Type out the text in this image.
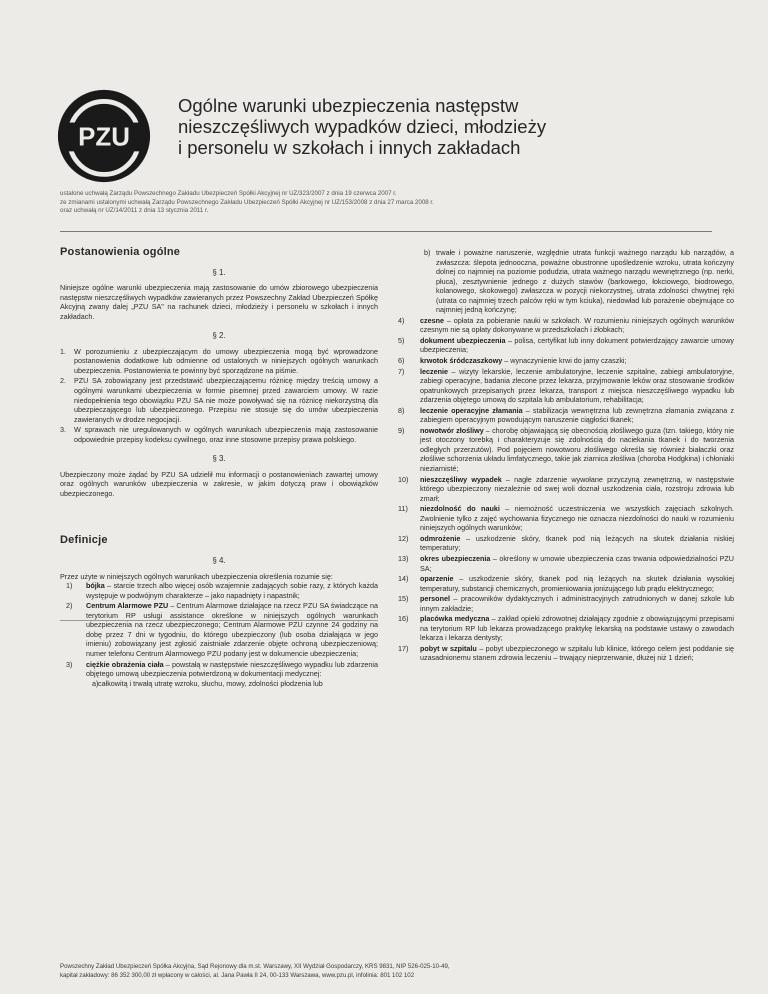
PZU
Ogólne warunki ubezpieczenia następstw
nieszczęśliwych wypadków dzieci, młodzieży
i personelu w szkołach i innych zakładach
ustalone uchwałą Zarządu Powszechnego Zakładu Ubezpieczeń Spółki Akcyjnej nr UZ/323/2007 z dnia 19 czerwca 2007 r.
ze zmianami ustalonymi uchwałą Zarządu Powszechnego Zakładu Ubezpieczeń Spółki Akcyjnej nr UZ/153/2008 z dnia 27 marca 2008 r.
oraz uchwałą nr UZ/14/2011 z dnia 13 stycznia 2011 r.

Postanowienia ogólne

§ 1.

Niniejsze ogólne warunki ubezpieczenia mają zastosowanie do umów zbiorowego ubezpieczenia następstw nieszczęśliwych wypadków zawieranych przez Powszechny Zakład Ubezpieczeń Spółkę Akcyjną zwany dalej „PZU SA" na rachunek dzieci, młodzieży i personelu w szkołach i innych zakładach.

§ 2.

1. W porozumieniu z ubezpieczającym do umowy ubezpieczenia mogą być wprowadzone postanowienia dodatkowe lub odmienne od ustalonych w niniejszych ogólnych warunkach ubezpieczenia. Postanowienia te powinny być sporządzone na piśmie.
2. PZU SA zobowiązany jest przedstawić ubezpieczającemu różnicę między treścią umowy a ogólnymi warunkami ubezpieczenia w formie pisemnej przed zawarciem umowy. W razie niedopełnienia tego obowiązku PZU SA nie może powoływać się na różnicę niekorzystną dla ubezpieczającego lub ubezpieczonego. Przepisu nie stosuje się do umów ubezpieczenia zawieranych w drodze negocjacji.
3. W sprawach nie uregulowanych w ogólnych warunkach ubezpieczenia mają zastosowanie odpowiednie przepisy kodeksu cywilnego, oraz inne stosowne przepisy prawa polskiego.

§ 3.

Ubezpieczony może żądać by PZU SA udzielił mu informacji o postanowieniach zawartej umowy oraz ogólnych warunków ubezpieczenia w zakresie, w jakim dotyczą praw i obowiązków ubezpieczonego.

Definicje

§ 4.

Przez użyte w niniejszych ogólnych warunkach ubezpieczenia określenia rozumie się:

1) bójka – starcie trzech albo więcej osób wzajemnie zadających sobie razy, z których każda występuje w podwójnym charakterze – jako napadnięty i napastnik;
2) Centrum Alarmowe PZU – Centrum Alarmowe działające na rzecz PZU SA świadczące na terytorium RP usługi assistance określone w niniejszych ogólnych warunkach ubezpieczenia na rzecz ubezpieczonego; Centrum Alarmowe PZU czynne 24 godziny na dobę przez 7 dni w tygodniu, do którego ubezpieczony (lub osoba działająca w jego imieniu) zobowiązany jest zgłosić zaistniałe zdarzenie objęte ochroną ubezpieczeniową; numer telefonu Centrum Alarmowego PZU podany jest w dokumencie ubezpieczenia;
3) ciężkie obrażenia ciała – powstałą w następstwie nieszczęśliwego wypadku lub zdarzenia objętego umową ubezpieczenia potwierdzoną w dokumentacji medycznej:
a) całkowitą i trwałą utratę wzroku, słuchu, mowy, zdolności płodzenia lub
b) trwałe i poważne naruszenie, względnie utrata funkcji ważnego narządu lub narządów, a zwłaszcza: ślepota jednooczna, poważne obustronne upośledzenie wzroku, utrata kończyny dolnej co najmniej na poziomie podudzia, utrata ważnego narządu wewnętrznego (np. nerki, płuca), zesztywnienie jednego z dużych stawów (barkowego, łokciowego, biodrowego, kolanowego, skokowego) zwłaszcza w pozycji niekorzystnej, utrata zdolności chwytnej ręki (utrata co najmniej trzech palców ręki w tym kciuka), niedowład lub porażenie obejmujące co najmniej jedną kończynę;
4) czesne – opłata za pobieranie nauki w szkołach. W rozumieniu niniejszych ogólnych warunków czesnym nie są opłaty dokonywane w przedszkolach i żłobkach;
5) dokument ubezpieczenia – polisa, certyfikat lub inny dokument potwierdzający zawarcie umowy ubezpieczenia;
6) krwotok śródczaszkowy – wynaczynienie krwi do jamy czaszki;
7) leczenie – wizyty lekarskie, leczenie ambulatoryjne, leczenie szpitalne, zabiegi ambulatoryjne, zabiegi operacyjne, badania zlecone przez lekarza, przyjmowanie leków oraz stosowanie środków opatrunkowych przepisanych przez lekarza, transport z miejsca nieszczęśliwego wypadku lub zdarzenia objętego umową do szpitala lub ambulatorium, rehabilitacja;
8) leczenie operacyjne złamania – stabilizacja wewnętrzna lub zewnętrzna złamania związana z zabiegiem operacyjnym powodującym naruszenie ciągłości tkanek;
9) nowotwór złośliwy – chorobę objawiającą się obecnością złośliwego guza (tzn. takiego, który nie jest otoczony torebką i charakteryzuje się zdolnością do naciekania tkanek i do tworzenia odległych przerzutów). Pod pojęciem nowotworu złośliwego określa się również białaczki oraz złośliwe schorzenia układu limfatycznego, takie jak ziarnica złośliwa (choroba Hodgkina) i chłoniaki nieziarnisté;
10) nieszczęśliwy wypadek – nagłe zdarzenie wywołane przyczyną zewnętrzną, w następstwie którego ubezpieczony niezależnie od swej woli doznał uszkodzenia ciała, rozstroju zdrowia lub zmarł;
11) niezdolność do nauki – niemożność uczestniczenia we wszystkich zajęciach szkolnych. Zwolnienie tylko z zajęć wychowania fizycznego nie oznacza niezdolności do nauki w rozumieniu niniejszych ogólnych warunków;
12) odmrożenie – uszkodzenie skóry, tkanek pod nią leżących na skutek działania niskiej temperatury;
13) okres ubezpieczenia – określony w umowie ubezpieczenia czas trwania odpowiedzialności PZU SA;
14) oparzenie – uszkodzenie skóry, tkanek pod nią leżących na skutek działania wysokiej temperatury, substancji chemicznych, promieniowania jonizującego lub prądu elektrycznego;
15) personel – pracowników dydaktycznych i administracyjnych zatrudnionych w danej szkole lub innym zakładzie;
16) placówka medyczna – zakład opieki zdrowotnej działający zgodnie z obowiązującymi przepisami na terytorium RP lub lekarza prowadzącego praktykę lekarską na podstawie ustawy o zawodach lekarza i lekarza dentysty;
17) pobyt w szpitalu – pobyt ubezpieczonego w szpitalu lub klinice, którego celem jest poddanie się uzasadnionemu stanem zdrowia leczeniu – trwający nieprzerwanie, dłużej niż 1 dzień;
Powszechny Zakład Ubezpieczeń Spółka Akcyjna, Sąd Rejonowy dla m.st. Warszawy, XII Wydział Gospodarczy, KRS 9831, NIP 526-025-10-49,
kapitał zakładowy: 86 352 300,00 zł wpłacony w całości, al. Jana Pawła II 24, 00-133 Warszawa, www.pzu.pl, infolinia: 801 102 102
